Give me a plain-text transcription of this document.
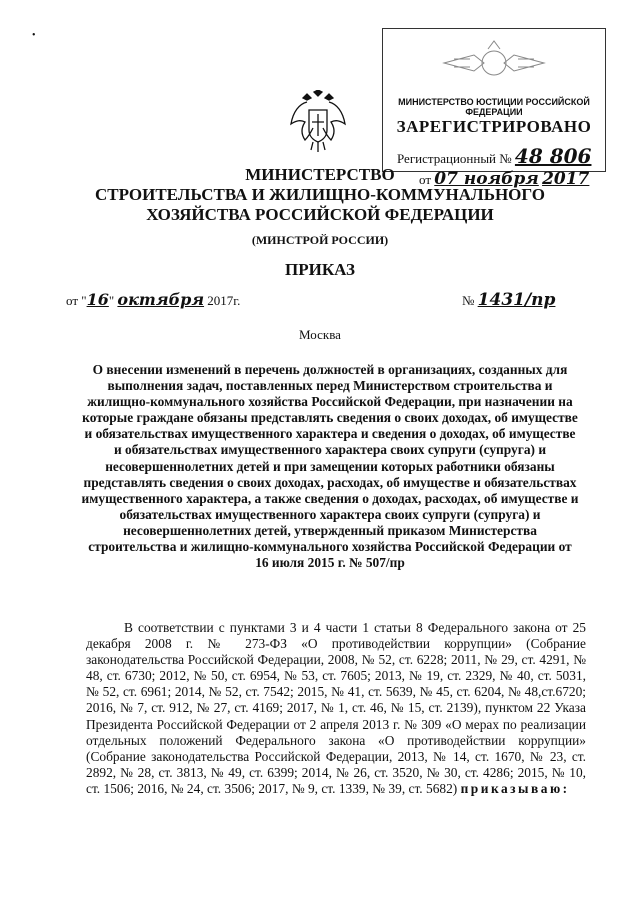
•
МИНИСТЕРСТВО ЮСТИЦИИ РОССИЙСКОЙ ФЕДЕРАЦИИ
ЗАРЕГИСТРИРОВАНО
Регистрационный № 48 806
от 07 ноября 2017
МИНИСТЕРСТВО
СТРОИТЕЛЬСТВА И ЖИЛИЩНО-КОММУНАЛЬНОГО
ХОЗЯЙСТВА РОССИЙСКОЙ ФЕДЕРАЦИИ
(МИНСТРОЙ РОССИИ)
ПРИКАЗ
от "16" октября 2017г.	№ 1431/пр
Москва
О внесении изменений в перечень должностей в организациях, созданных для выполнения задач, поставленных перед Министерством строительства и жилищно-коммунального хозяйства Российской Федерации, при назначении на которые граждане обязаны представлять сведения о своих доходах, об имуществе и обязательствах имущественного характера и сведения о доходах, об имуществе и обязательствах имущественного характера своих супруги (супруга) и несовершеннолетних детей и при замещении которых работники обязаны представлять сведения о своих доходах, расходах, об имуществе и обязательствах имущественного характера, а также сведения о доходах, расходах, об имуществе и обязательствах имущественного характера своих супруги (супруга) и несовершеннолетних детей, утвержденный приказом Министерства строительства и жилищно-коммунального хозяйства Российской Федерации от 16 июля 2015 г. № 507/пр
В соответствии с пунктами 3 и 4 части 1 статьи 8 Федерального закона от 25 декабря 2008 г. № 273-ФЗ «О противодействии коррупции» (Собрание законодательства Российской Федерации, 2008, № 52, ст. 6228; 2011, № 29, ст. 4291, № 48, ст. 6730; 2012, № 50, ст. 6954, № 53, ст. 7605; 2013, № 19, ст. 2329, № 40, ст. 5031, № 52, ст. 6961; 2014, № 52, ст. 7542; 2015, № 41, ст. 5639, № 45, ст. 6204, № 48,ст.6720; 2016, № 7, ст. 912, № 27, ст. 4169; 2017, № 1, ст. 46, № 15, ст. 2139), пунктом 22 Указа Президента Российской Федерации от 2 апреля 2013 г. № 309 «О мерах по реализации отдельных положений Федерального закона «О противодействии коррупции» (Собрание законодательства Российской Федерации, 2013, № 14, ст. 1670, № 23, ст. 2892, № 28, ст. 3813, № 49, ст. 6399; 2014, № 26, ст. 3520, № 30, ст. 4286; 2015, № 10, ст. 1506; 2016, № 24, ст. 3506; 2017, № 9, ст. 1339, № 39, ст. 5682) приказываю:
